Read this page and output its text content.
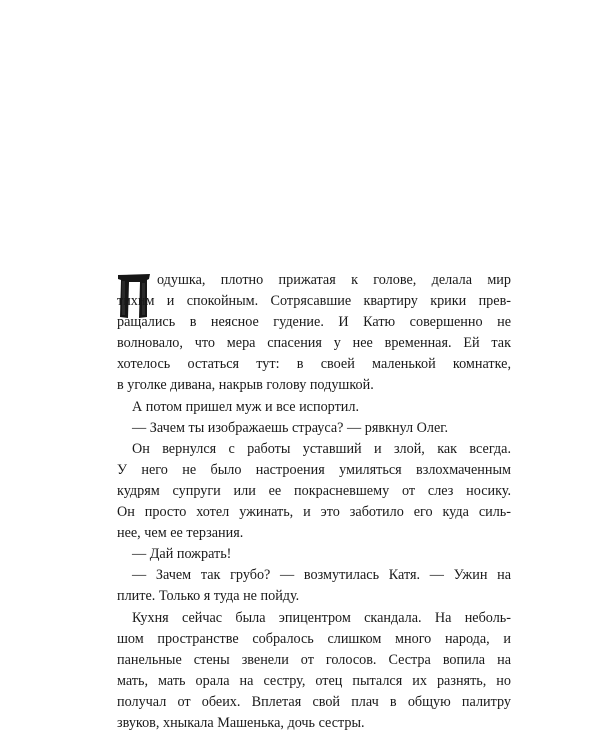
одушка, плотно прижатая к голове, делала мир
тихим и спокойным. Сотрясавшие квартиру крики прев-
ращались в неясное гудение. И Катю совершенно не
волновало, что мера спасения у нее временная. Ей так
хотелось остаться тут: в своей маленькой комнатке,
в уголке дивана, накрыв голову подушкой.
А потом пришел муж и все испортил.
— Зачем ты изображаешь страуса? — рявкнул Олег.
Он вернулся с работы уставший и злой, как всегда.
У него не было настроения умиляться взлохмаченным
кудрям супруги или ее покрасневшему от слез носику.
Он просто хотел ужинать, и это заботило его куда силь-
нее, чем ее терзания.
— Дай пожрать!
— Зачем так грубо? — возмутилась Катя. — Ужин на
плите. Только я туда не пойду.
Кухня сейчас была эпицентром скандала. На неболь-
шом пространстве собралось слишком много народа, и
панельные стены звенели от голосов. Сестра вопила на
мать, мать орала на сестру, отец пытался их разнять, но
получал от обеих. Вплетая свой плач в общую палитру
звуков, хныкала Машенька, дочь сестры.
